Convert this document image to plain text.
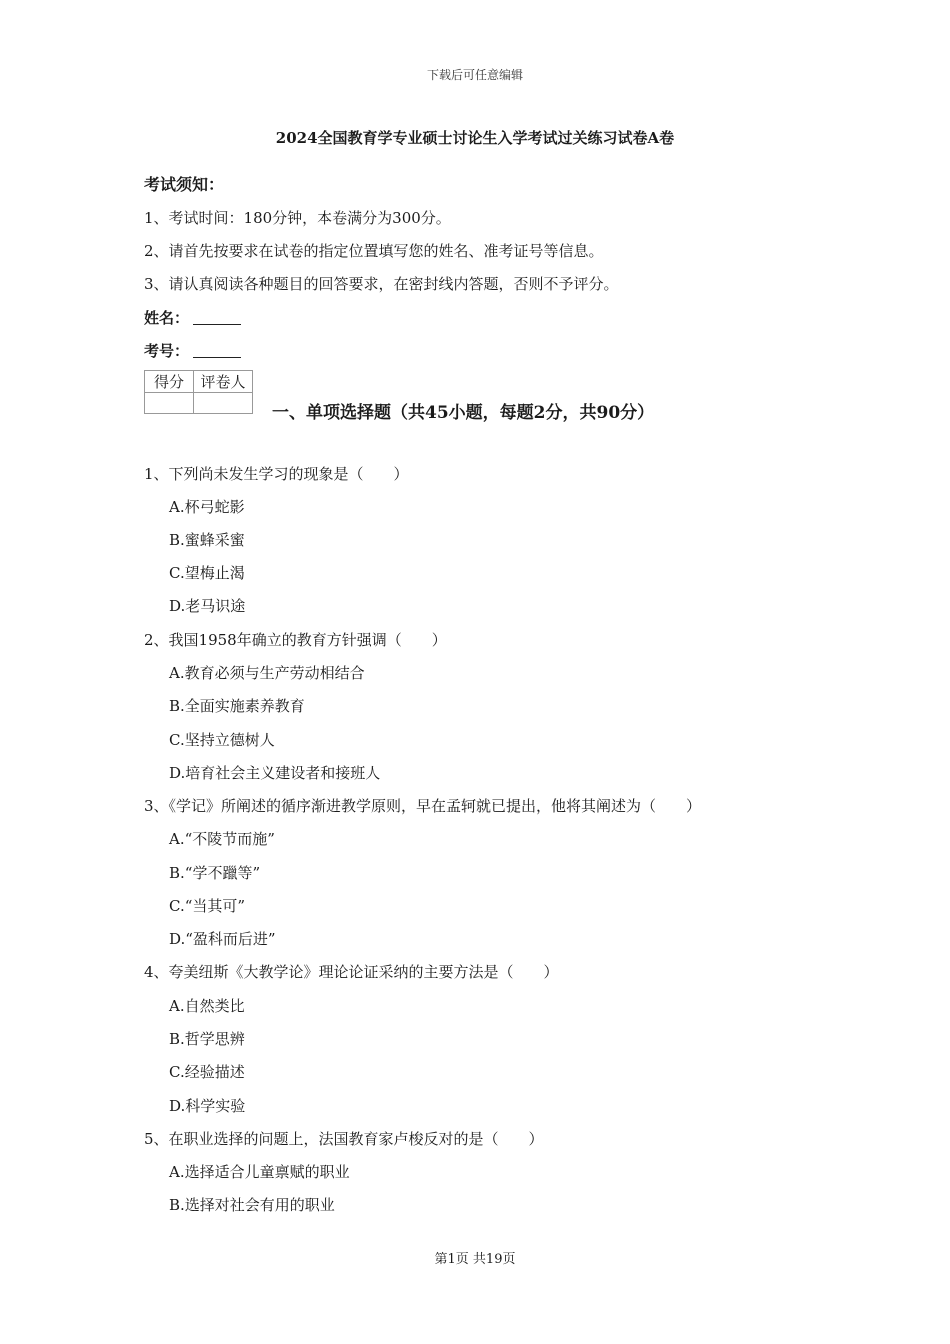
下载后可任意编辑
2024全国教育学专业硕士讨论生入学考试过关练习试卷A卷
考试须知：
1、考试时间：180分钟，本卷满分为300分。
2、请首先按要求在试卷的指定位置填写您的姓名、准考证号等信息。
3、请认真阅读各种题目的回答要求，在密封线内答题，否则不予评分。
姓名：
考号：
得分	评卷人

一、单项选择题（共45小题，每题2分，共90分）
1、下列尚未发生学习的现象是（　　）
A.杯弓蛇影
B.蜜蜂采蜜
C.望梅止渴
D.老马识途
2、我国1958年确立的教育方针强调（　　）
A.教育必须与生产劳动相结合
B.全面实施素养教育
C.坚持立德树人
D.培育社会主义建设者和接班人
3、《学记》所阐述的循序渐进教学原则，早在孟轲就已提出，他将其阐述为（　　）
A.“不陵节而施”
B.“学不躐等”
C.“当其可”
D.“盈科而后进”
4、夸美纽斯《大教学论》理论论证采纳的主要方法是（　　）
A.自然类比
B.哲学思辨
C.经验描述
D.科学实验
5、在职业选择的问题上，法国教育家卢梭反对的是（　　）
A.选择适合儿童禀赋的职业
B.选择对社会有用的职业
第1页 共19页
